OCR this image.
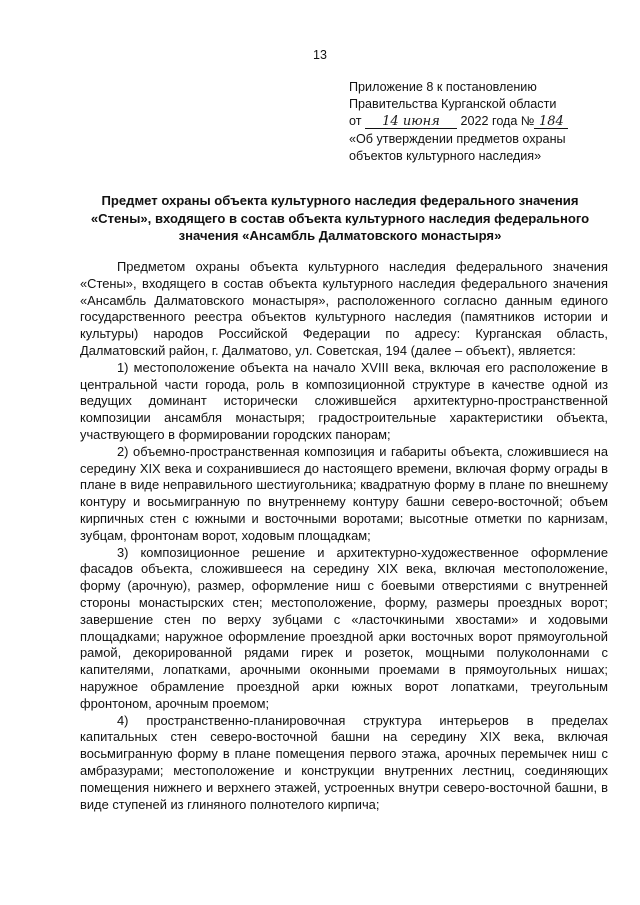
13
Приложение 8 к постановлению
Правительства Курганской области
от 14 июня 2022 года № 184
«Об утверждении предметов охраны
объектов культурного наследия»
Предмет охраны объекта культурного наследия федерального значения
«Стены», входящего в состав объекта культурного наследия федерального
значения «Ансамбль Далматовского монастыря»

Предметом охраны объекта культурного наследия федерального значения «Стены», входящего в состав объекта культурного наследия федерального значения «Ансамбль Далматовского монастыря», расположенного согласно данным единого государственного реестра объектов культурного наследия (памятников истории и культуры) народов Российской Федерации по адресу: Курганская область, Далматовский район, г. Далматово, ул. Советская, 194 (далее – объект), является:

1) местоположение объекта на начало XVIII века, включая его расположение в центральной части города, роль в композиционной структуре в качестве одной из ведущих доминант исторически сложившейся архитектурно-пространственной композиции ансамбля монастыря; градостроительные характеристики объекта, участвующего в формировании городских панорам;

2) объемно-пространственная композиция и габариты объекта, сложившиеся на середину XIX века и сохранившиеся до настоящего времени, включая форму ограды в плане в виде неправильного шестиугольника; квадратную форму в плане по внешнему контуру и восьмигранную по внутреннему контуру башни северо-восточной; объем кирпичных стен с южными и восточными воротами; высотные отметки по карнизам, зубцам, фронтонам ворот, ходовым площадкам;

3) композиционное решение и архитектурно-художественное оформление фасадов объекта, сложившееся на середину XIX века, включая местоположение, форму (арочную), размер, оформление ниш с боевыми отверстиями с внутренней стороны монастырских стен; местоположение, форму, размеры проездных ворот; завершение стен по верху зубцами с «ласточкиными хвостами» и ходовыми площадками; наружное оформление проездной арки восточных ворот прямоугольной рамой, декорированной рядами гирек и розеток, мощными полуколоннами с капителями, лопатками, арочными оконными проемами в прямоугольных нишах; наружное обрамление проездной арки южных ворот лопатками, треугольным фронтоном, арочным проемом;

4) пространственно-планировочная структура интерьеров в пределах капитальных стен северо-восточной башни на середину XIX века, включая восьмигранную форму в плане помещения первого этажа, арочных перемычек ниш с амбразурами; местоположение и конструкции внутренних лестниц, соединяющих помещения нижнего и верхнего этажей, устроенных внутри северо-восточной башни, в виде ступеней из глиняного полнотелого кирпича;
